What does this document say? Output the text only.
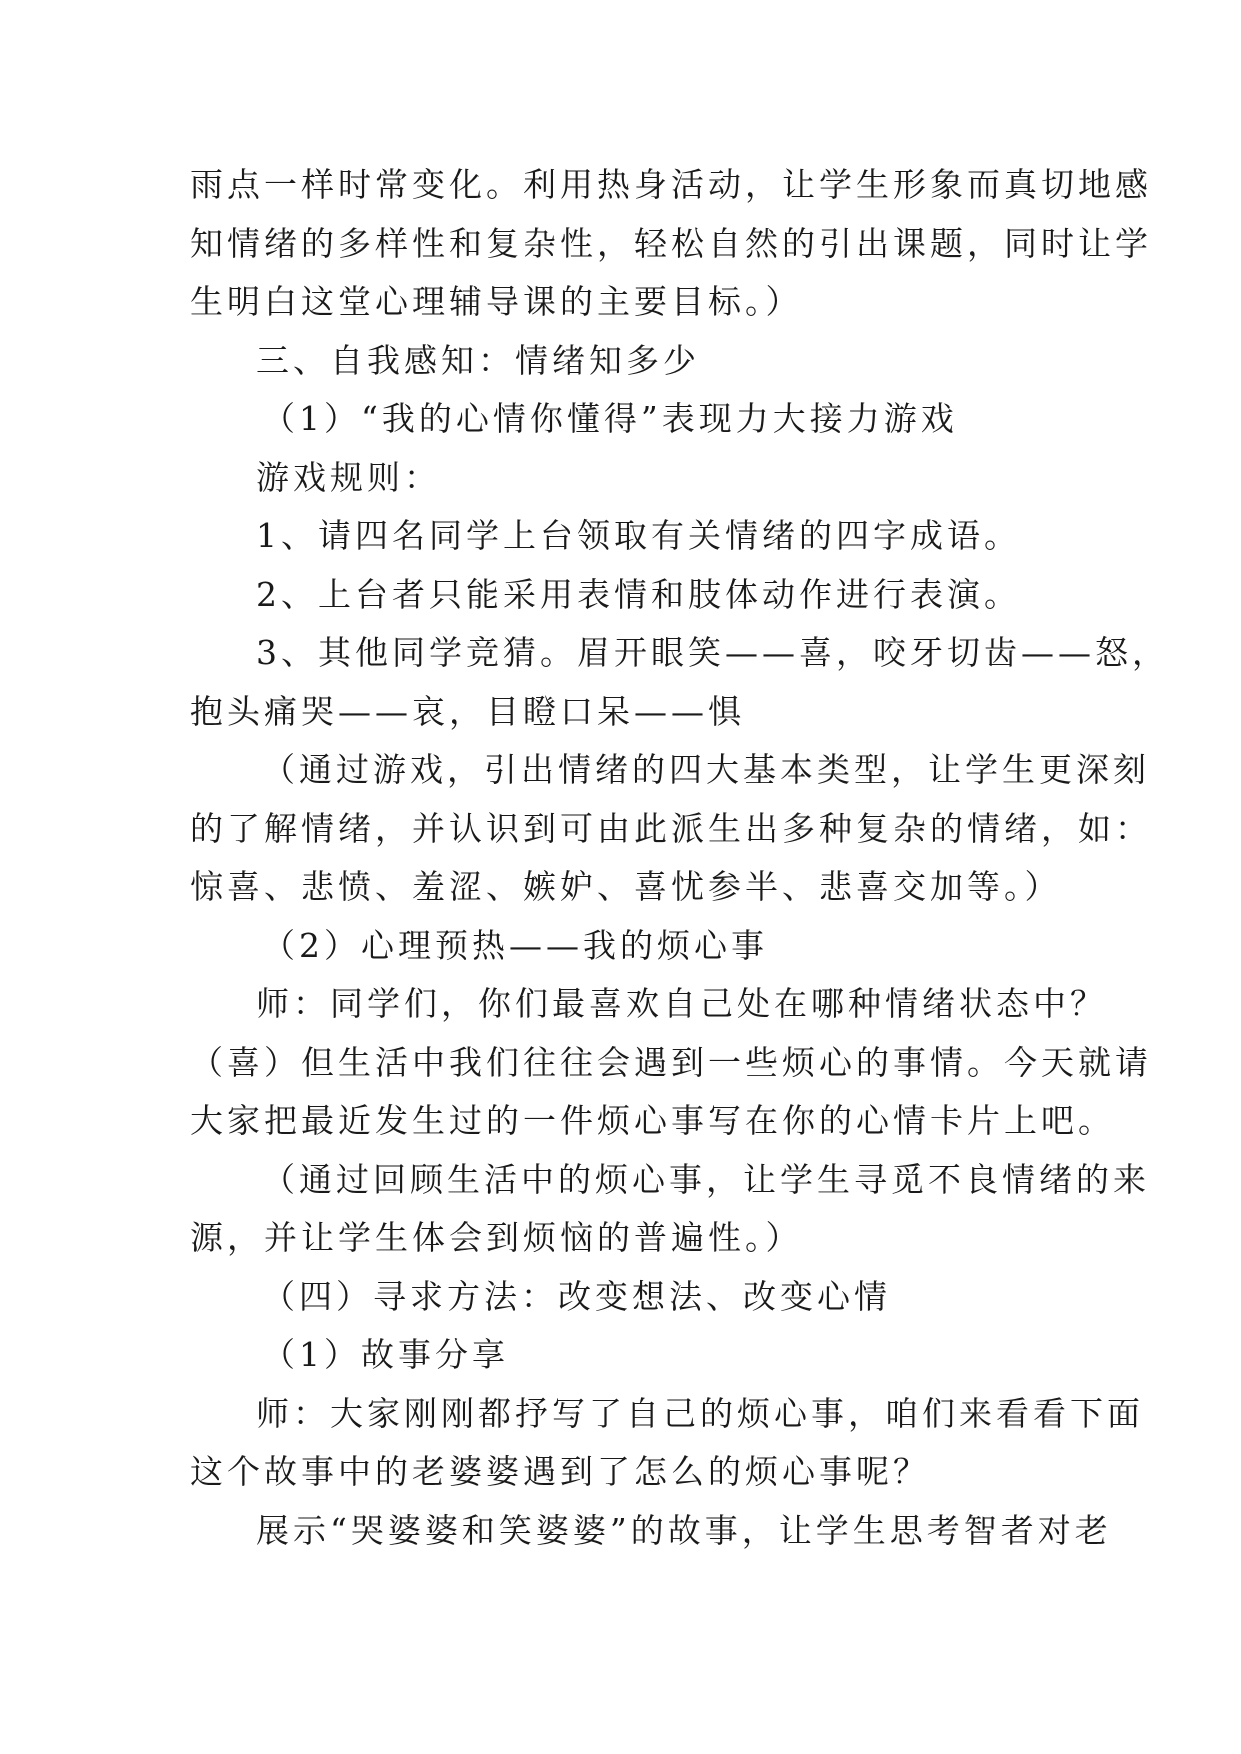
雨点一样时常变化。利用热身活动，让学生形象而真切地感
知情绪的多样性和复杂性，轻松自然的引出课题，同时让学
生明白这堂心理辅导课的主要目标。）
三、自我感知：情绪知多少
（1）“我的心情你懂得”表现力大接力游戏
游戏规则：
1、请四名同学上台领取有关情绪的四字成语。
2、上台者只能采用表情和肢体动作进行表演。
3、其他同学竞猜。眉开眼笑——喜，咬牙切齿——怒，
抱头痛哭——哀，目瞪口呆——惧
（通过游戏，引出情绪的四大基本类型，让学生更深刻
的了解情绪，并认识到可由此派生出多种复杂的情绪，如：
惊喜、悲愤、羞涩、嫉妒、喜忧参半、悲喜交加等。）
（2）心理预热——我的烦心事
师：同学们，你们最喜欢自己处在哪种情绪状态中？
（喜）但生活中我们往往会遇到一些烦心的事情。今天就请
大家把最近发生过的一件烦心事写在你的心情卡片上吧。
（通过回顾生活中的烦心事，让学生寻觅不良情绪的来
源，并让学生体会到烦恼的普遍性。）
（四）寻求方法：改变想法、改变心情
（1）故事分享
师：大家刚刚都抒写了自己的烦心事，咱们来看看下面
这个故事中的老婆婆遇到了怎么的烦心事呢？
展示“哭婆婆和笑婆婆”的故事，让学生思考智者对老
